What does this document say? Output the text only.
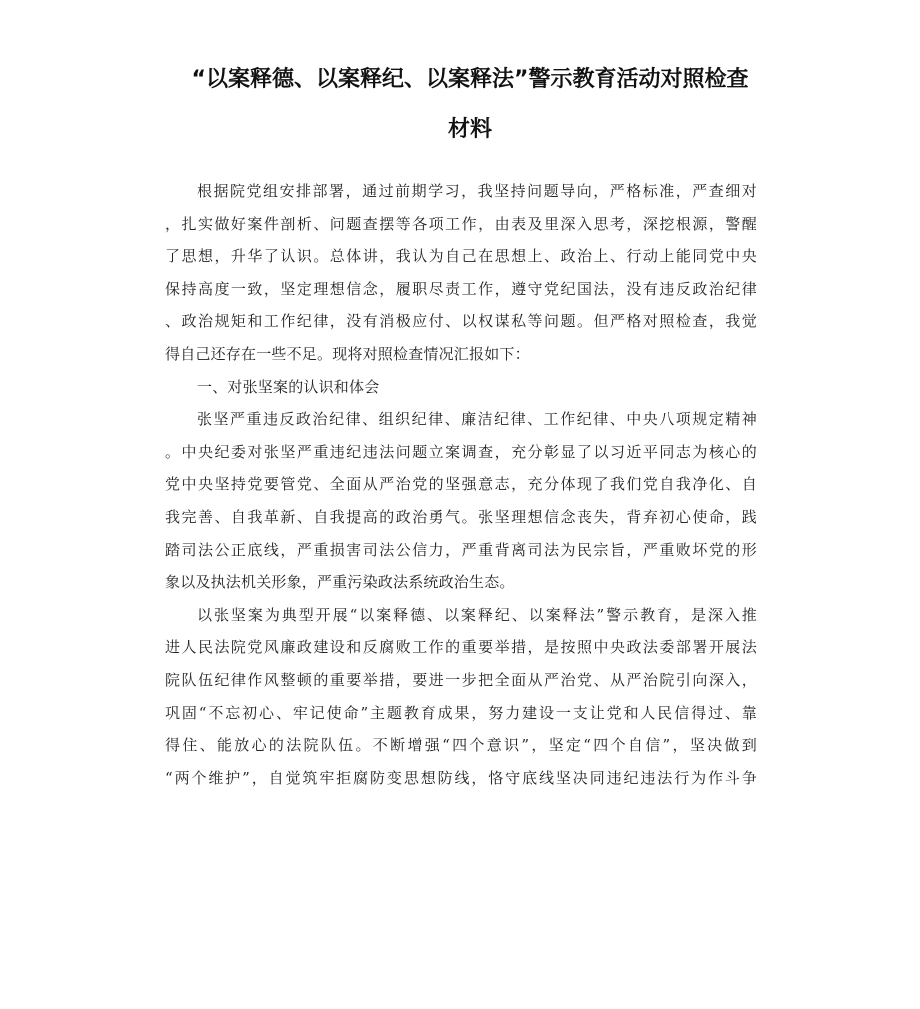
“以案释德、以案释纪、以案释法”警示教育活动对照检查
材料
根据院党组安排部署，通过前期学习，我坚持问题导向，严格标准，严查细对
，扎实做好案件剖析、问题查摆等各项工作，由表及里深入思考，深挖根源，警醒
了思想，升华了认识。总体讲，我认为自己在思想上、政治上、行动上能同党中央
保持高度一致，坚定理想信念，履职尽责工作，遵守党纪国法，没有违反政治纪律
、政治规矩和工作纪律，没有消极应付、以权谋私等问题。但严格对照检查，我觉
得自己还存在一些不足。现将对照检查情况汇报如下：
一、对张坚案的认识和体会
张坚严重违反政治纪律、组织纪律、廉洁纪律、工作纪律、中央八项规定精神
。中央纪委对张坚严重违纪违法问题立案调查，充分彰显了以习近平同志为核心的
党中央坚持党要管党、全面从严治党的坚强意志，充分体现了我们党自我净化、自
我完善、自我革新、自我提高的政治勇气。张坚理想信念丧失，背弃初心使命，践
踏司法公正底线，严重损害司法公信力，严重背离司法为民宗旨，严重败坏党的形
象以及执法机关形象，严重污染政法系统政治生态。
以张坚案为典型开展“以案释德、以案释纪、以案释法”警示教育，是深入推
进人民法院党风廉政建设和反腐败工作的重要举措，是按照中央政法委部署开展法
院队伍纪律作风整顿的重要举措，要进一步把全面从严治党、从严治院引向深入，
巩固“不忘初心、牢记使命”主题教育成果，努力建设一支让党和人民信得过、靠
得住、能放心的法院队伍。不断增强“四个意识”，坚定“四个自信”，坚决做到
“两个维护”，自觉筑牢拒腐防变思想防线，恪守底线坚决同违纪违法行为作斗争
